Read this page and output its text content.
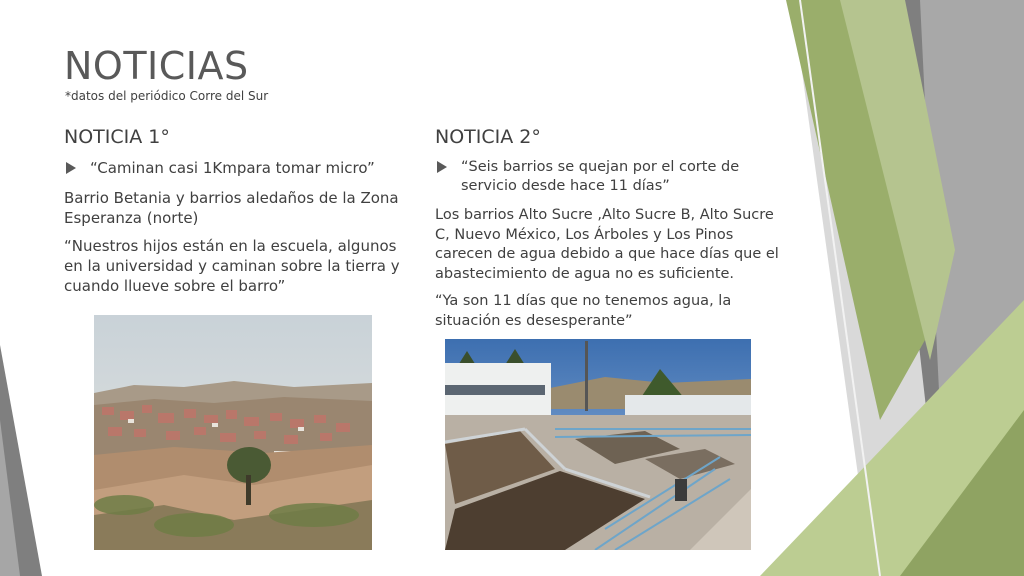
NOTICIAS
*datos del periódico Corre del Sur
NOTICIA 1°
“Caminan casi 1Kmpara tomar micro”

Barrio Betania y barrios aledaños de la Zona Esperanza (norte)

“Nuestros hijos están en la escuela, algunos en la universidad y caminan sobre la tierra y cuando llueve sobre el barro”

NOTICIA 2°
“Seis barrios se quejan por el corte de servicio desde hace 11 días”

Los barrios Alto Sucre ,Alto Sucre B, Alto Sucre C, Nuevo México, Los Árboles y Los Pinos carecen de agua debido a que hace días que el abastecimiento de agua no es suficiente.

“Ya son 11 días que no tenemos agua, la situación es desesperante”
